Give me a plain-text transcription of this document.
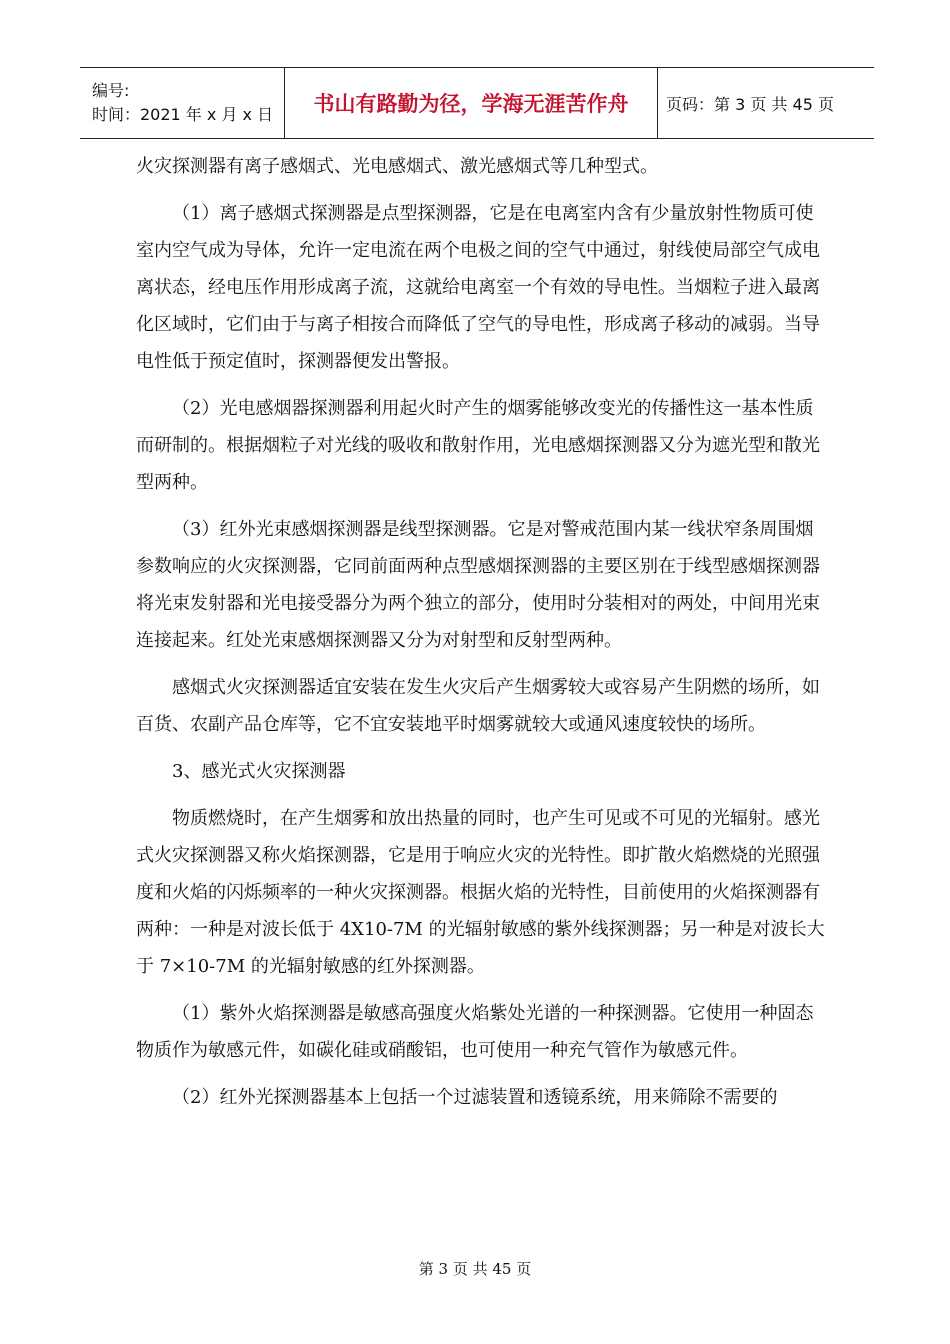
编号:
时间：2021 年 x 月 x 日	书山有路勤为径，学海无涯苦作舟	页码：第 3 页 共 45 页

火灾探测器有离子感烟式、光电感烟式、激光感烟式等几种型式。

（1）离子感烟式探测器是点型探测器，它是在电离室内含有少量放射性物质可使室内空气成为导体，允许一定电流在两个电极之间的空气中通过，射线使局部空气成电离状态，经电压作用形成离子流，这就给电离室一个有效的导电性。当烟粒子进入最离化区域时，它们由于与离子相按合而降低了空气的导电性，形成离子移动的减弱。当导电性低于预定值时，探测器便发出警报。

（2）光电感烟器探测器利用起火时产生的烟雾能够改变光的传播性这一基本性质而研制的。根据烟粒子对光线的吸收和散射作用，光电感烟探测器又分为遮光型和散光型两种。

（3）红外光束感烟探测器是线型探测器。它是对警戒范围内某一线状窄条周围烟参数响应的火灾探测器，它同前面两种点型感烟探测器的主要区别在于线型感烟探测器将光束发射器和光电接受器分为两个独立的部分，使用时分装相对的两处，中间用光束连接起来。红处光束感烟探测器又分为对射型和反射型两种。

感烟式火灾探测器适宜安装在发生火灾后产生烟雾较大或容易产生阴燃的场所，如百货、农副产品仓库等，它不宜安装地平时烟雾就较大或通风速度较快的场所。

3、感光式火灾探测器

物质燃烧时，在产生烟雾和放出热量的同时，也产生可见或不可见的光辐射。感光式火灾探测器又称火焰探测器，它是用于响应火灾的光特性。即扩散火焰燃烧的光照强度和火焰的闪烁频率的一种火灾探测器。根据火焰的光特性，目前使用的火焰探测器有两种：一种是对波长低于 4X10-7M 的光辐射敏感的紫外线探测器；另一种是对波长大于 7×10-7M 的光辐射敏感的红外探测器。

（1）紫外火焰探测器是敏感高强度火焰紫处光谱的一种探测器。它使用一种固态物质作为敏感元件，如碳化硅或硝酸铝，也可使用一种充气管作为敏感元件。

（2）红外光探测器基本上包括一个过滤装置和透镜系统，用来筛除不需要的

第 3 页 共 45 页
